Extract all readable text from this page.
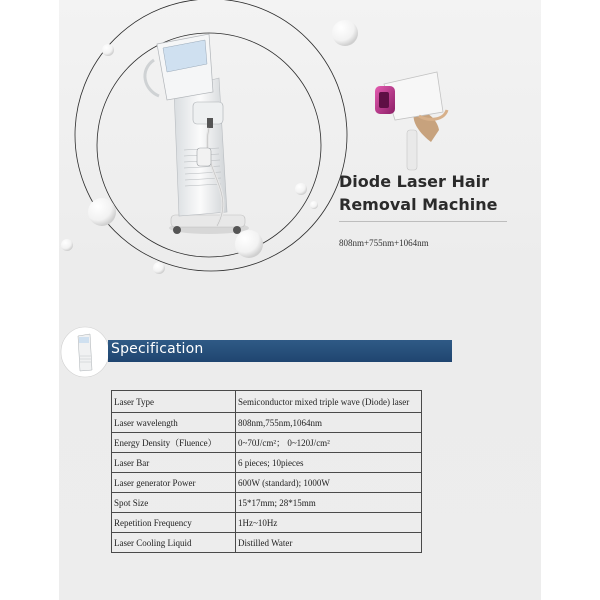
Diode Laser Hair
Removal Machine
808nm+755nm+1064nm
Specification
Laser Type	Semiconductor mixed triple wave (Diode) laser
Laser wavelength	808nm,755nm,1064nm
Energy Density（Fluence）	0~70J/cm²； 0~120J/cm²
Laser Bar	6 pieces; 10pieces
Laser generator Power	600W (standard); 1000W
Spot Size	15*17mm; 28*15mm
Repetition Frequency	1Hz~10Hz
Laser Cooling Liquid	Distilled Water
